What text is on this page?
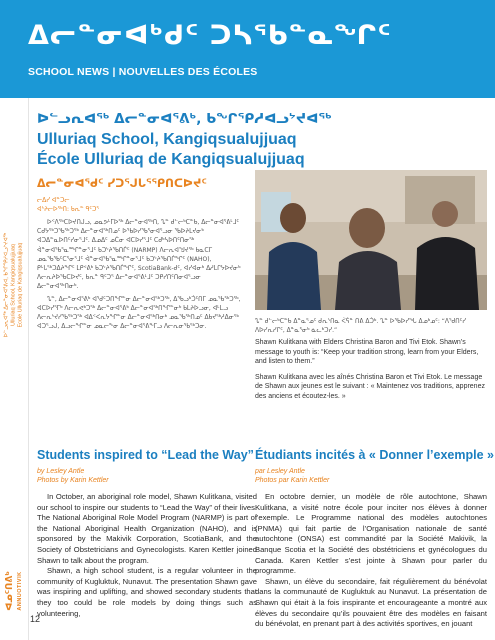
ᐃᓕᓐᓂᐊᒃᑯᑦ ᑐᓴᕐᑲᓐᓇᖏᑦ
SCHOOL NEWS | NOUVELLES DES ÉCOLES
ᐅᓪᓗᕆᐊᖅ ᐃᓕᓐᓂᐊᕐᕕᐊ, ᑲᖏᕿᓱᐊᓗᔾᔪᐊᖅ Ulluriaq School, Kangiqsualujjuaq École Ulluriaq de Kangiqsualujjuaq
ᐊᓄᑦᑎᕕᒃ ANNUOTIVIK
12
ᐅᓪᓗᕆᐊᖅ ᐃᓕᓐᓂᐊᕐᕕᒃ, ᑲᖏᕿᓱᐊᓗᔾᔪᐊᖅ
Ulluriaq School, Kangiqsualujjuaq
École Ulluriaq de Kangiqsualujjuaq
ᐃᓕᓐᓂᐊᖁᑦ ᓯᑐᕐᒍᒐᕐᕿᑎᑕᐅᔪᑦ
ᓕᐃᓯ ᐊᓐᑐᓕ
ᐊᔾᔨᓕᐅᖅᑎ: ᑲᕆᓐ ᑫᑦᑐᕐ

ᐅᑉᐱᖅᑕᐅᔪᑎᒍᓗ, ᓄᓇᕗᒻᒥᐅᖅ ᐃᓕᓐᓂᐊᖅᑎ, ᔐᓐ ᑯᓪᓕᒃᑕᓐᑲ, ᐃᓕᓐᓂᐊᕐᕕᒻᒧᑦ ᑕᑯᔭᖅᑐᖃᖅᑐᖅ ᐃᓕᓐᓂᐊᖅᑎᓄᑦ ᐅᖃᐅᓯᖃᕐᓂᐊᕐᓗᓂ ᖃᐅᔨᒪᔪᓂᒃ ᐊᑐᐃᓐᓇᐅᑎᑦᓯᓂᕐᒧᑦ. ᐃᓄᐃᑦ ᓄᑖᓂ ᐊᑕᐅᓯᕐᒧᑦ ᑕᑯᒃᓴᐅᑎᑦᑎᓂᖅ ᐋᓐᓂᐊᖃᕐᓇᙱᓐᓂᕐᒧᑦ ᑲᑐᔾᔨᖃᑎᒌᑦ (NARMP) ᐱᓕᕆᐊᖑᔪᖅ ᑲᓇᑕᒥ ᓄᓇᖃᖃᑦᑕᕐᓂᕐᒧᑦ ᐋᓐᓂᐊᖃᕐᓇᙱᓐᓂᕐᒧᑦ ᑲᑐᔾᔨᖃᑎᒌᖏᑦ (NAHO), ᑭᒡᒐᖅᑐᐃᔨᖏᑦ ᒪᑭᕝᕕᒃ ᑲᑐᔾᔨᖃᑎᒌᖏᑦ, ScotiaBank-ᑯᑦ, ᐊᓯᐊᓂᒃ ᐃᓱᒪᒋᔭᐅᔪᓂᒃ ᐱᓕᕆᔨᐅᖃᑕᐅᔪᑦ, ᑲᕆᓐ ᑫᑦᑐᕐ ᐃᓕᓐᓂᐊᕐᕕᒻᒧᑦ ᑐᑭᓯᑎᑦᑎᓂᐊᕐᓗᓂ ᐃᓕᓐᓂᐊᖅᑎᓂᒃ.

ᔐᓐ, ᐃᓕᓐᓂᐊᕐᕕᒃ ᐊᖁᑦᑐᑎᖏᓐᓂ ᐃᓕᓐᓂᐊᖅᑐᖅ, ᐃᖃᓗᒃᑑᑦᑎᒥ ᓄᓇᖃᖅᑐᖅ, ᐊᑕᐅᓯᕐᒥᒃ ᐱᓕᕆᕙᒃᑐᖅ ᐃᓕᓐᓂᐊᕐᕕᒃ ᐃᓕᓐᓂᐊᖅᑎᖏᓐᓂᒃ ᑲᒪᔨᐅᓗᓂ, ᐊᒻᒪᓗ ᐱᓕᕆᔾᔪᓯᖃᖅᑐᖅ ᐊᐃᑉᐸᕆᔭᖏᓐᓂ ᐃᓕᓐᓂᐊᖅᑎᓂᒃ ᓄᓇᖃᖅᑎᓄᑦ ᐃᑲᔪᖅᓱᐃᓂᖅ ᐊᑐᕐᓗᒍ, ᐃᓗᓕᖏᓐᓂ ᓄᓇᓕᖕᓂ ᐃᓕᓐᓂᐊᕐᕕᖕᒥᓗ ᐱᓕᕆᓂᖃᖅᑐᓂ.

ᔐᓐ ᑯᓪᓕᒃᑕᓐᑲ ᐃᓐᓇᕐᓄᑦ ᑯᕆᔅᑎᓇ ᐹᕌᓐ ᑎᕕ ᐃᑑᒃ. ᔐᓐ ᐅᖃᐅᓯᖓ ᐃᓄᒃᓄᑦ: “ᐱᖁᑎᑦᓯ ᐱᐅᓯᕆᓯᒋᑦ, ᐃᓐᓇᕐᓂᒃ ᓈᓚᒃᑐᓯ.”

Shawn Kulitkana with Elders Christina Baron and Tivi Etok. Shawn’s message to youth is: “Keep your tradition strong, learn from your Elders, and listen to them.”

Shawn Kulitkana avec les aînés Christina Baron et Tivi Etok. Le message de Shawn aux jeunes est le suivant : « Maintenez vos traditions, apprenez des anciens et écoutez-les. »

Students inspired to “Lead the Way”
by Lesley Antle
Photos by Karin Kettler

In October, an aboriginal role model, Shawn Kulitkana, visited our school to inspire our students to “Lead the Way” of their lives. The National Aboriginal Role Model Program (NARMP) is part of the National Aboriginal Health Organization (NAHO), and is sponsored by the Makivik Corporation, ScotiaBank, and the Society of Obstetricians and Gynecologists. Karen Kettler joined Shawn to talk about the program.

Shawn, a high school student, is a regular volunteer in the community of Kugluktuk, Nunavut. The presentation Shawn gave was inspiring and uplifting, and showed secondary students that they too could be role models by doing things such as volunteering,

Étudiants incités à « Donner l’exemple »
par Lesley Antle
Photos par Karin Kettler

En octobre dernier, un modèle de rôle autochtone, Shawn Kulitkana, a visité notre école pour inciter nos élèves à donner l’exemple. Le Programme national des modèles autochtones (PNMA) qui fait partie de l’Organisation nationale de santé autochtone (ONSA) est commandité par la Société Makivik, la Banque Scotia et la Société des obstétriciens et gynécologues du Canada. Karen Kettler s’est jointe à Shawn pour parler du programme.

Shawn, un élève du secondaire, fait régulièrement du bénévolat dans la communauté de Kugluktuk au Nunavut. La présentation de Shawn qui était à la fois inspirante et encourageante a montré aux élèves du secondaire qu’ils pouvaient être des modèles en faisant du bénévolat, en prenant part à des activités sportives, en jouant
